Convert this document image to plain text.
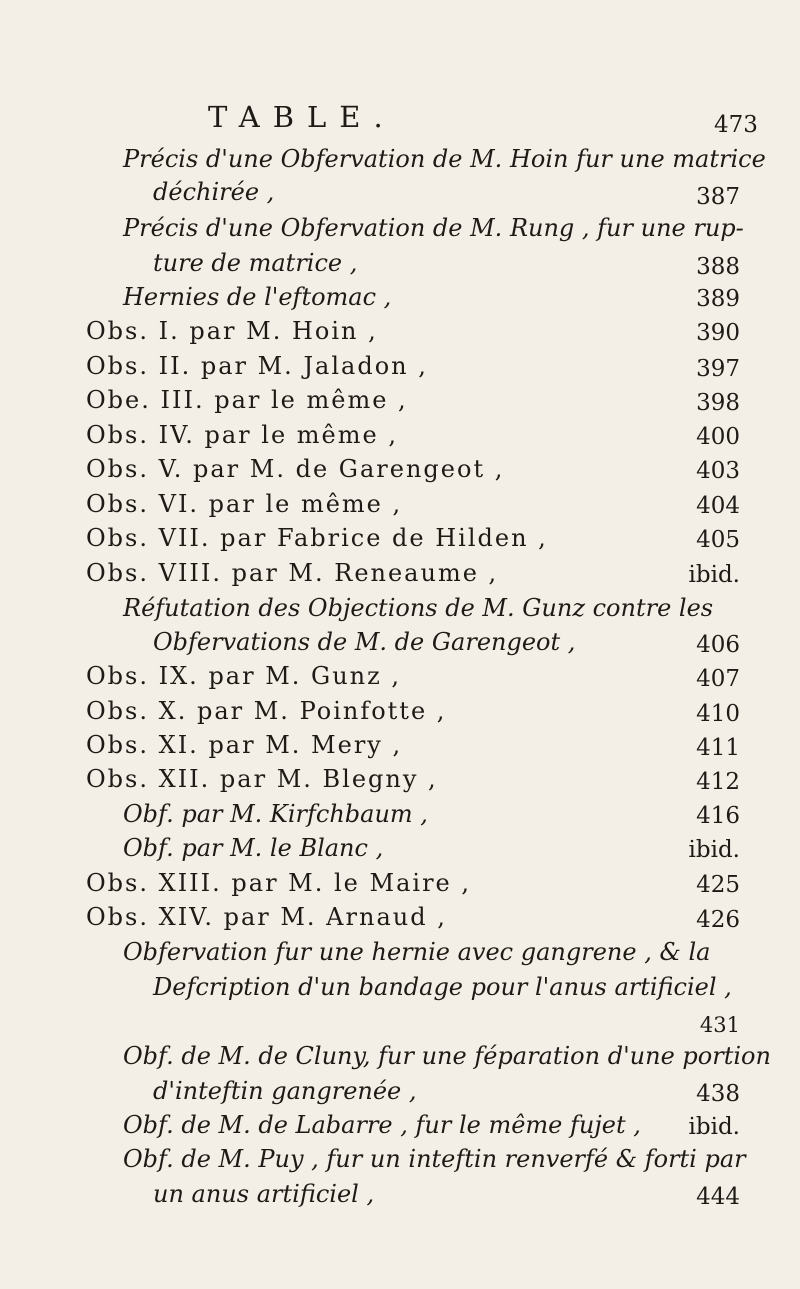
TABLE.	473
Précis d'une Obfervation de M. Hoin fur une matrice
déchirée ,	387
Précis d'une Obfervation de M. Rung , fur une rup-
ture de matrice ,	388
Hernies de l'eftomac ,	389
Obs. I. par M. Hoin ,	390
Obs. II. par M. Jaladon ,	397
Obe. III. par le même ,	398
Obs. IV. par le même ,	400
Obs. V. par M. de Garengeot ,	403
Obs. VI. par le même ,	404
Obs. VII. par Fabrice de Hilden ,	405
Obs. VIII. par M. Reneaume ,	ibid.
Réfutation des Objections de M. Gunz contre les
Obfervations de M. de Garengeot ,	406
Obs. IX. par M. Gunz ,	407
Obs. X. par M. Poinfotte ,	410
Obs. XI. par M. Mery ,	411
Obs. XII. par M. Blegny ,	412
Obf. par M. Kirfchbaum ,	416
Obf. par M. le Blanc ,	ibid.
Obs. XIII. par M. le Maire ,	425
Obs. XIV. par M. Arnaud ,	426
Obfervation fur une hernie avec gangrene , & la
Defcription d'un bandage pour l'anus artificiel ,
431
Obf. de M. de Cluny, fur une féparation d'une portion
d'inteftin gangrenée ,	438
Obf. de M. de Labarre , fur le même fujet ,	ibid.
Obf. de M. Puy , fur un inteftin renverfé & forti par
un anus artificiel ,	444
